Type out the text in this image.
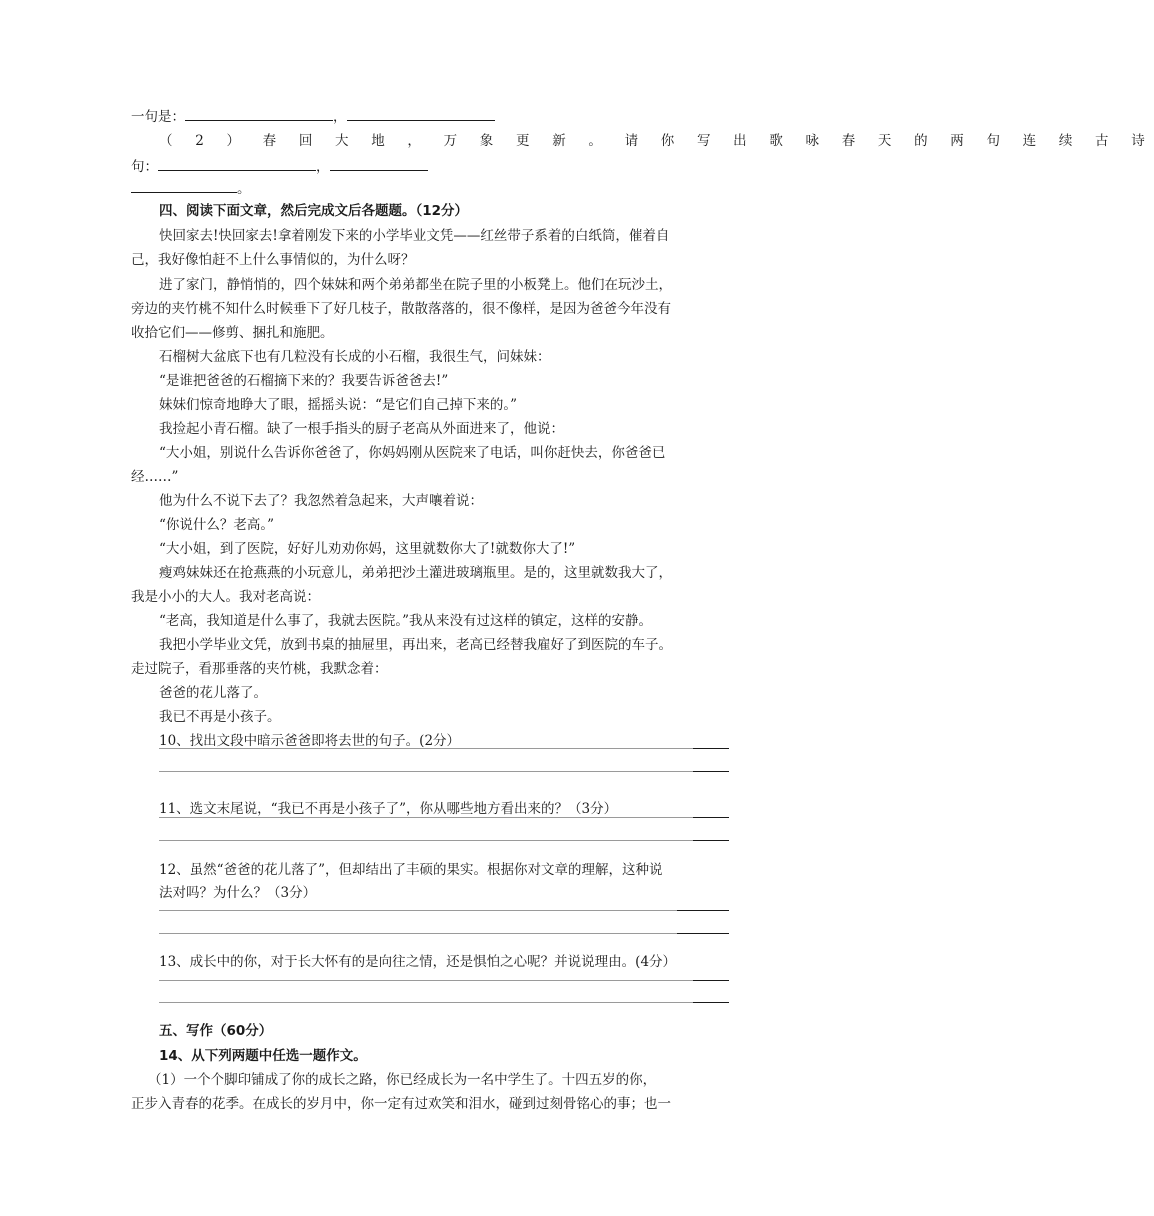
一句是：	，
（ 2 ） 春 回 大 地 ， 万 象 更 新 。 请 你 写 出 歌 咏 春 天 的 两 句 连 续 古 诗
句：	，
。
四、阅读下面文章，然后完成文后各题题。（12分）
快回家去!快回家去!拿着刚发下来的小学毕业文凭——红丝带子系着的白纸筒，催着自
己，我好像怕赶不上什么事情似的，为什么呀？
进了家门，静悄悄的，四个妹妹和两个弟弟都坐在院子里的小板凳上。他们在玩沙土，
旁边的夹竹桃不知什么时候垂下了好几枝子，散散落落的，很不像样，是因为爸爸今年没有
收拾它们——修剪、捆扎和施肥。
石榴树大盆底下也有几粒没有长成的小石榴，我很生气，问妹妹：
“是谁把爸爸的石榴摘下来的？我要告诉爸爸去!”
妹妹们惊奇地睁大了眼，摇摇头说：“是它们自己掉下来的。”
我捡起小青石榴。缺了一根手指头的厨子老高从外面进来了，他说：
“大小姐，别说什么告诉你爸爸了，你妈妈刚从医院来了电话，叫你赶快去，你爸爸已
经……”
他为什么不说下去了？我忽然着急起来，大声嚷着说：
“你说什么？老高。”
“大小姐，到了医院，好好儿劝劝你妈，这里就数你大了!就数你大了!”
瘦鸡妹妹还在抢燕燕的小玩意儿，弟弟把沙土灌进玻璃瓶里。是的，这里就数我大了，
我是小小的大人。我对老高说：
“老高，我知道是什么事了，我就去医院。”我从来没有过这样的镇定，这样的安静。
我把小学毕业文凭，放到书桌的抽屉里，再出来，老高已经替我雇好了到医院的车子。
走过院子，看那垂落的夹竹桃，我默念着：
爸爸的花儿落了。
我已不再是小孩子。
10、找出文段中暗示爸爸即将去世的句子。(2分）
11、选文末尾说，“我已不再是小孩子了”，你从哪些地方看出来的？（3分）
12、虽然“爸爸的花儿落了”，但却结出了丰硕的果实。根据你对文章的理解，这种说
法对吗？为什么？（3分）
13、成长中的你，对于长大怀有的是向往之情，还是惧怕之心呢？并说说理由。(4分）
五、写作（60分）
14、从下列两题中任选一题作文。
（1）一个个脚印铺成了你的成长之路，你已经成长为一名中学生了。十四五岁的你，
正步入青春的花季。在成长的岁月中，你一定有过欢笑和泪水，碰到过刻骨铭心的事；也一
